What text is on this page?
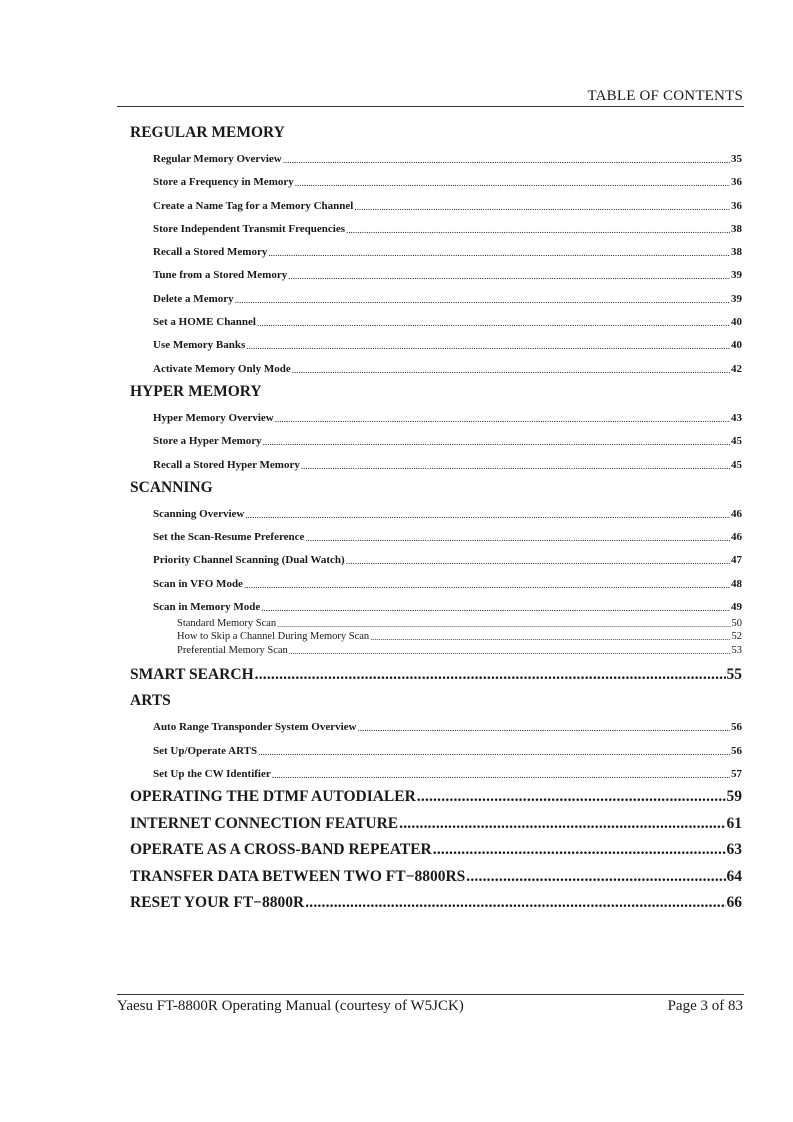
TABLE OF CONTENTS
REGULAR MEMORY
Regular Memory Overview .....	35
Store a Frequency in Memory .....	36
Create a Name Tag for a Memory Channel .....	36
Store Independent Transmit Frequencies .....	38
Recall a Stored Memory .....	38
Tune from a Stored Memory .....	39
Delete a Memory .....	39
Set a HOME Channel .....	40
Use Memory Banks .....	40
Activate Memory Only Mode .....	42
HYPER MEMORY
Hyper Memory Overview .....	43
Store a Hyper Memory .....	45
Recall a Stored Hyper Memory .....	45
SCANNING
Scanning Overview .....	46
Set the Scan-Resume Preference .....	46
Priority Channel Scanning (Dual Watch) .....	47
Scan in VFO Mode .....	48
Scan in Memory Mode .....	49
Standard Memory Scan .....	50
How to Skip a Channel During Memory Scan .....	52
Preferential Memory Scan .....	53
SMART SEARCH .....	55
ARTS
Auto Range Transponder System Overview .....	56
Set Up/Operate ARTS .....	56
Set Up the CW Identifier .....	57
OPERATING THE DTMF AUTODIALER .....	59
INTERNET CONNECTION FEATURE .....	61
OPERATE AS A CROSS-BAND REPEATER .....	63
TRANSFER DATA BETWEEN TWO FT−8800RS .....	64
RESET YOUR FT−8800R .....	66
Yaesu FT-8800R Operating Manual (courtesy of W5JCK)	Page 3 of 83
